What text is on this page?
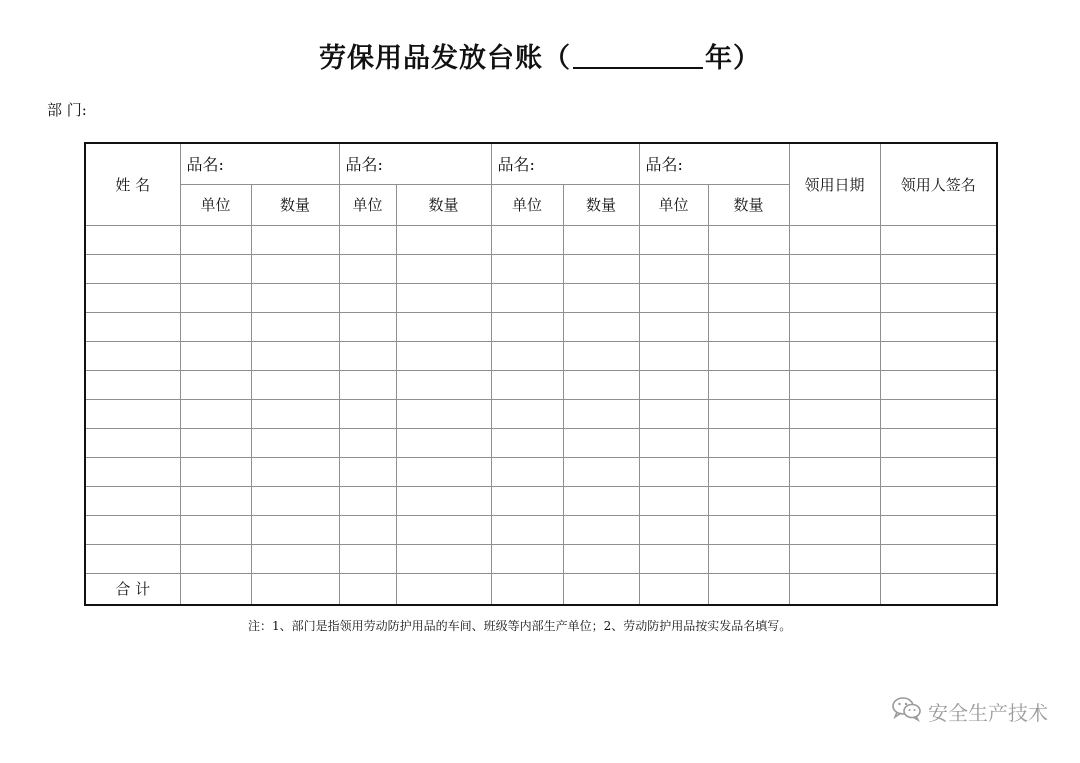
劳保用品发放台账（	年）
部 门:
姓 名	品名:		品名:		品名:		品名:		领用日期	领用人签名
	单位	数量	单位	数量	单位	数量	单位	数量		

合 计										
注：1、部门是指领用劳动防护用品的车间、班级等内部生产单位；2、劳动防护用品按实发品名填写。
安全生产技术
